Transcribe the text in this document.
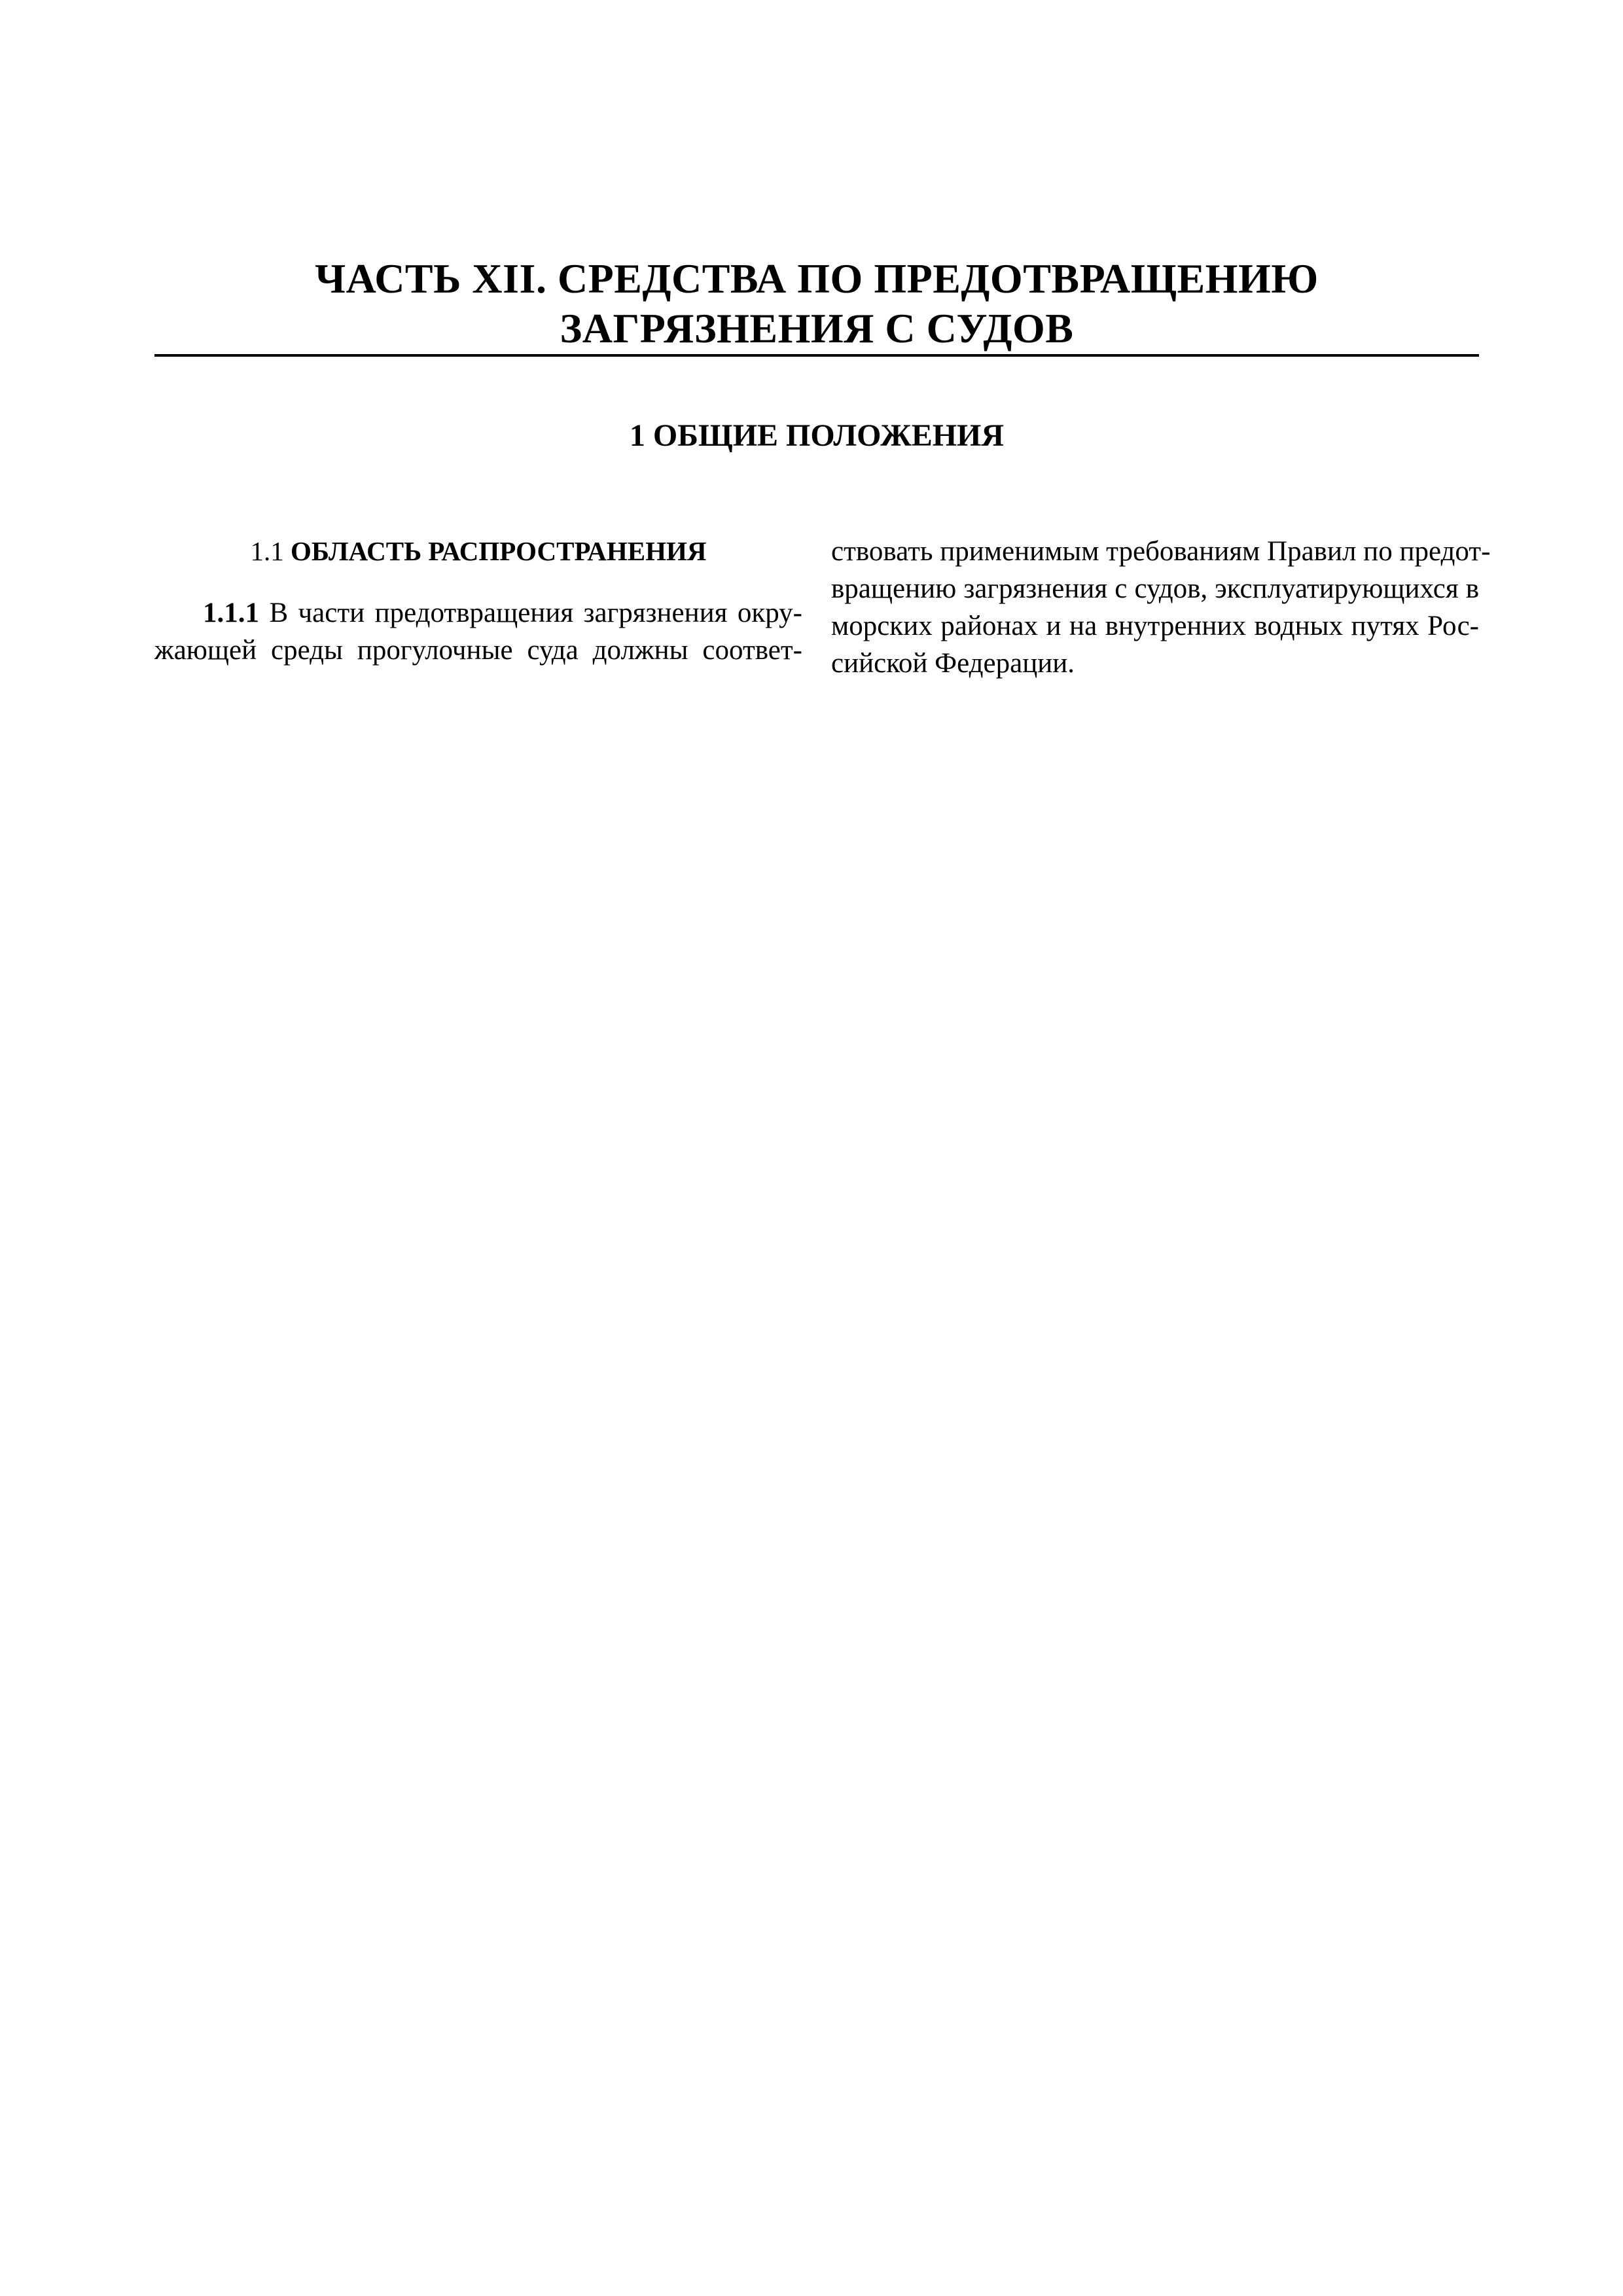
ЧАСТЬ XII. СРЕДСТВА ПО ПРЕДОТВРАЩЕНИЮ
ЗАГРЯЗНЕНИЯ С СУДОВ
1 ОБЩИЕ ПОЛОЖЕНИЯ
1.1 ОБЛАСТЬ РАСПРОСТРАНЕНИЯ
1.1.1 В части предотвращения загрязнения окру-
жающей среды прогулочные суда должны соответ-
ствовать применимым требованиям Правил по предот-
вращению загрязнения с судов, эксплуатирующихся в
морских районах и на внутренних водных путях Рос-
сийской Федерации.
